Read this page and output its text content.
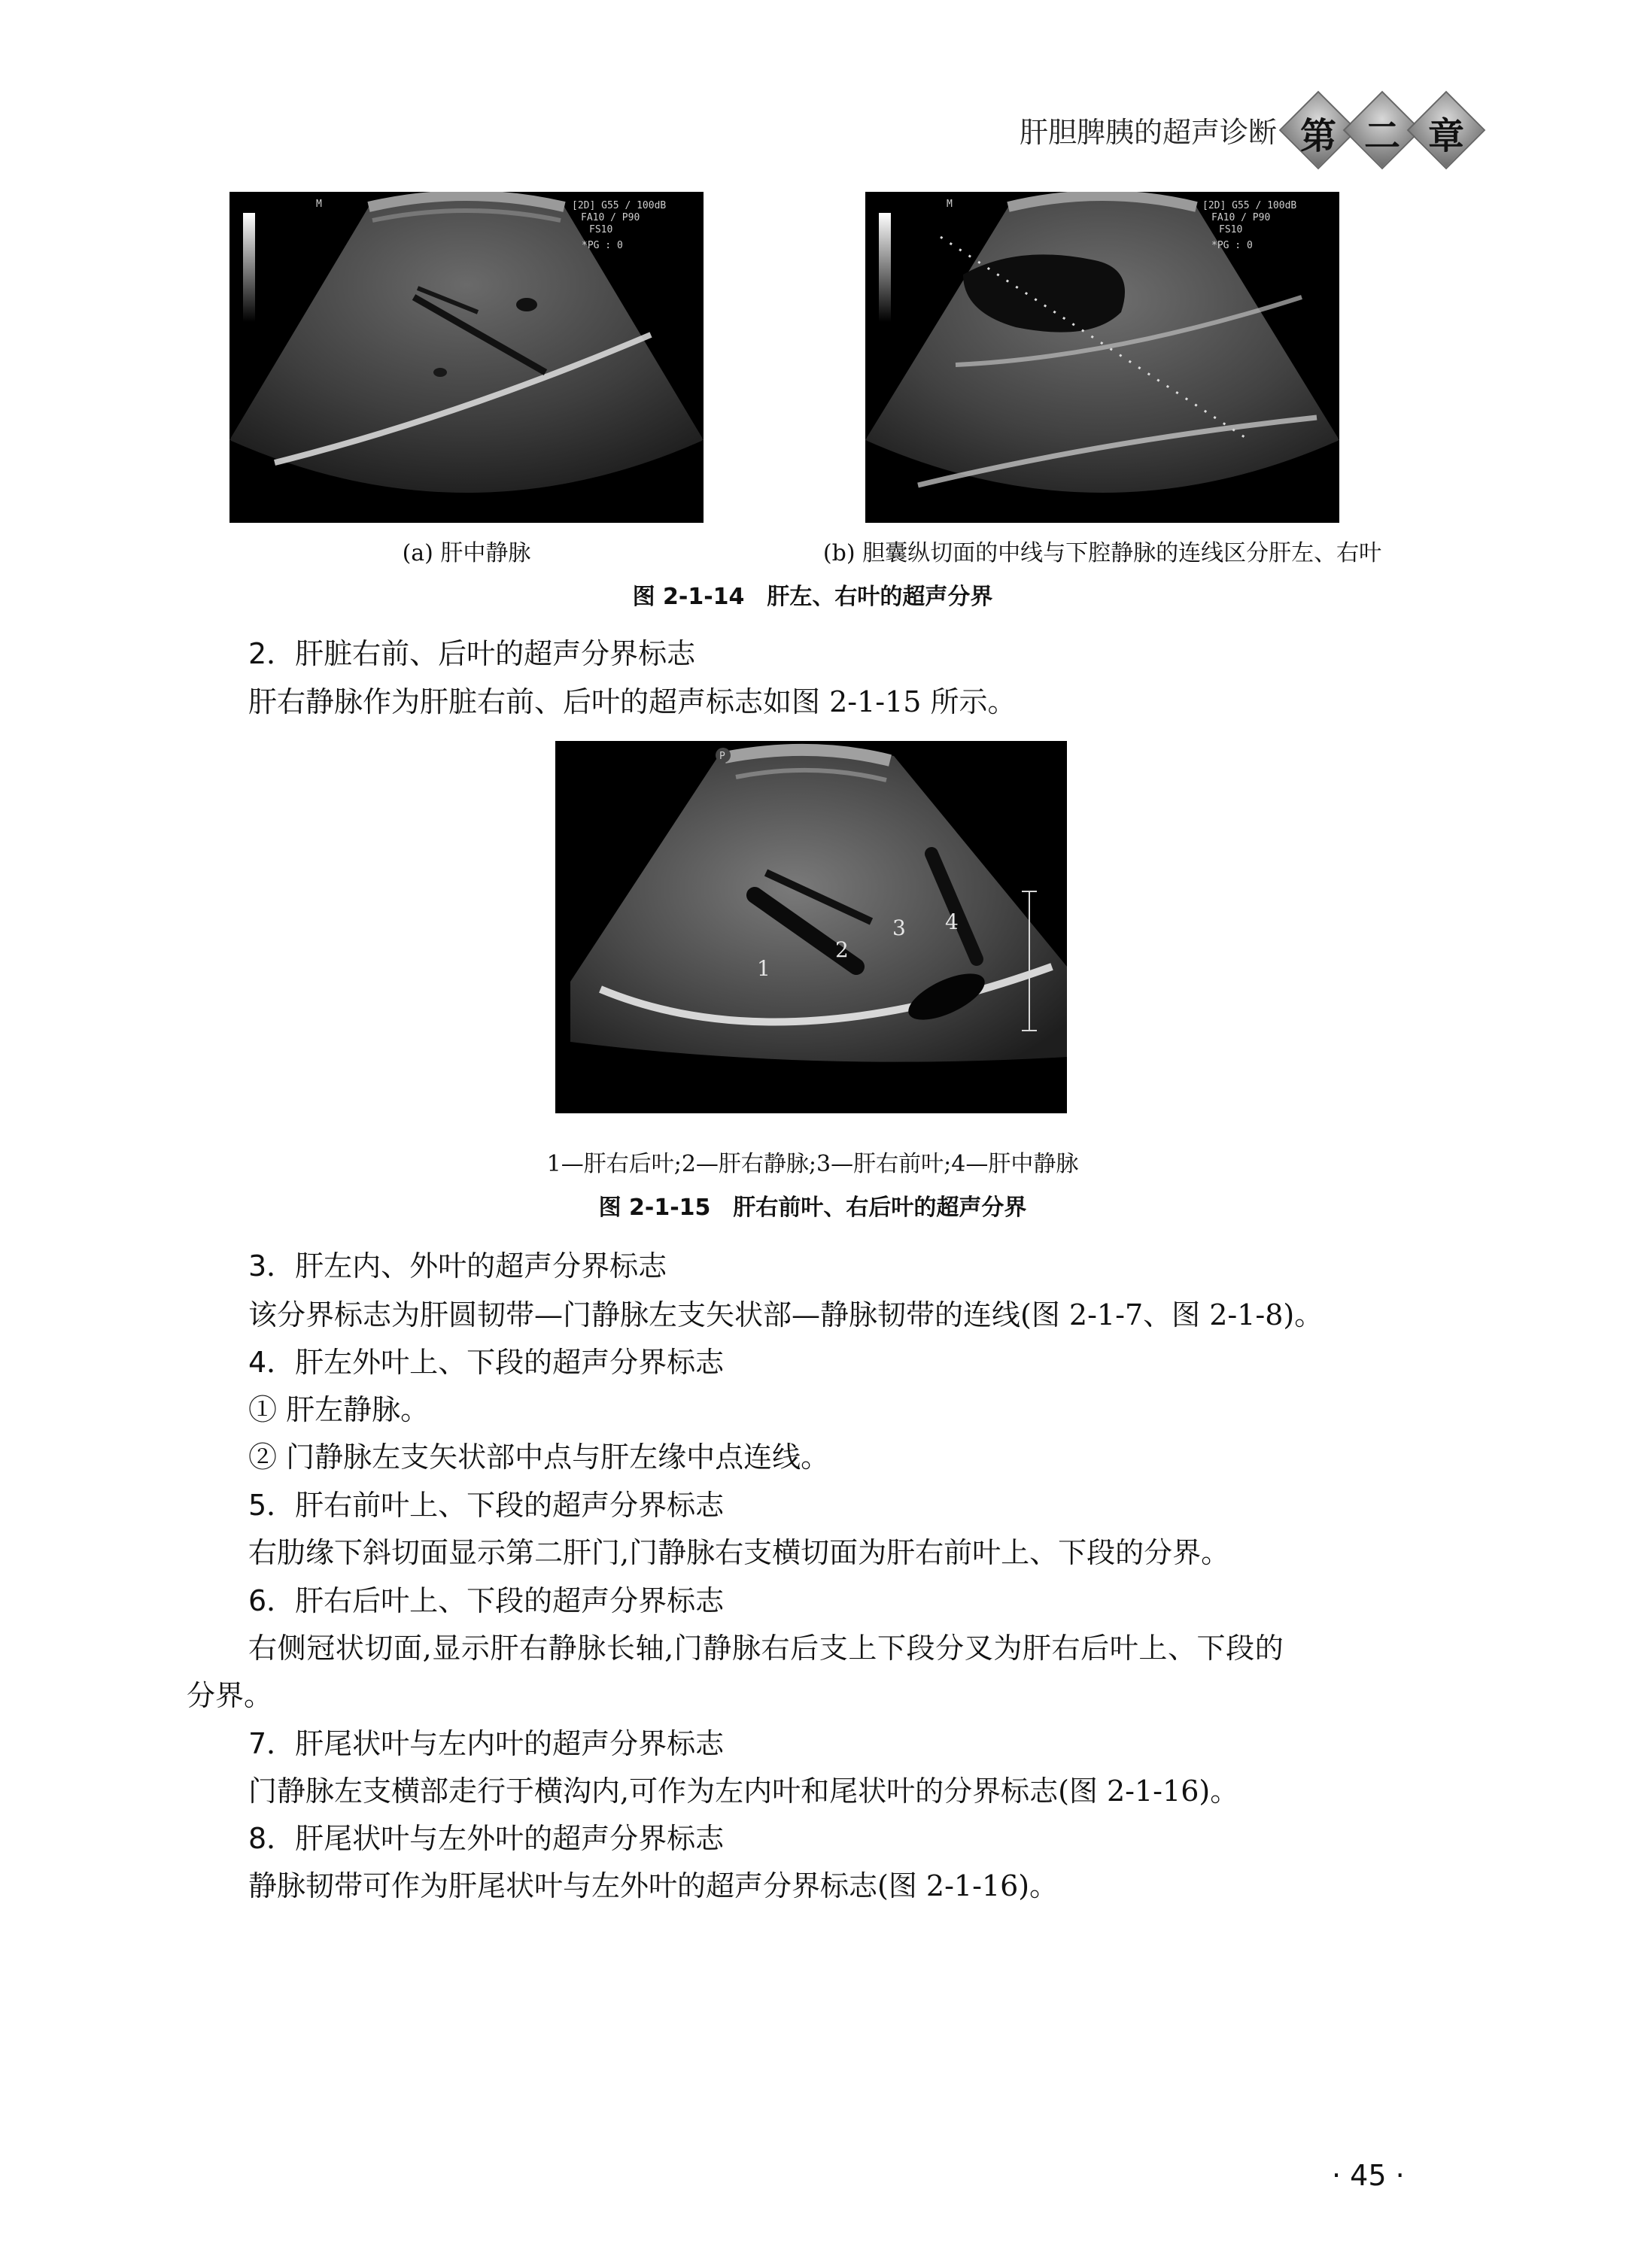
肝胆脾胰的超声诊断 第 二 章
M	[2D] G55 / 100dB
FA10 / P90
FS10
*PG : 0
M	[2D] G55 / 100dB
FA10 / P90
FS10
*PG : 0
(a) 肝中静脉	(b) 胆囊纵切面的中线与下腔静脉的连线区分肝左、右叶
图 2-1-14　肝左、右叶的超声分界
2．肝脏右前、后叶的超声分界标志
肝右静脉作为肝脏右前、后叶的超声标志如图 2-1-15 所示。
P
1
2
3 4
1—肝右后叶;2—肝右静脉;3—肝右前叶;4—肝中静脉
图 2-1-15　肝右前叶、右后叶的超声分界
3．肝左内、外叶的超声分界标志
该分界标志为肝圆韧带—门静脉左支矢状部—静脉韧带的连线(图 2-1-7、图 2-1-8)。
4．肝左外叶上、下段的超声分界标志
① 肝左静脉。
② 门静脉左支矢状部中点与肝左缘中点连线。
5．肝右前叶上、下段的超声分界标志
右肋缘下斜切面显示第二肝门,门静脉右支横切面为肝右前叶上、下段的分界。
6．肝右后叶上、下段的超声分界标志
右侧冠状切面,显示肝右静脉长轴,门静脉右后支上下段分叉为肝右后叶上、下段的
分界。
7．肝尾状叶与左内叶的超声分界标志
门静脉左支横部走行于横沟内,可作为左内叶和尾状叶的分界标志(图 2-1-16)。
8．肝尾状叶与左外叶的超声分界标志
静脉韧带可作为肝尾状叶与左外叶的超声分界标志(图 2-1-16)。
· 45 ·
